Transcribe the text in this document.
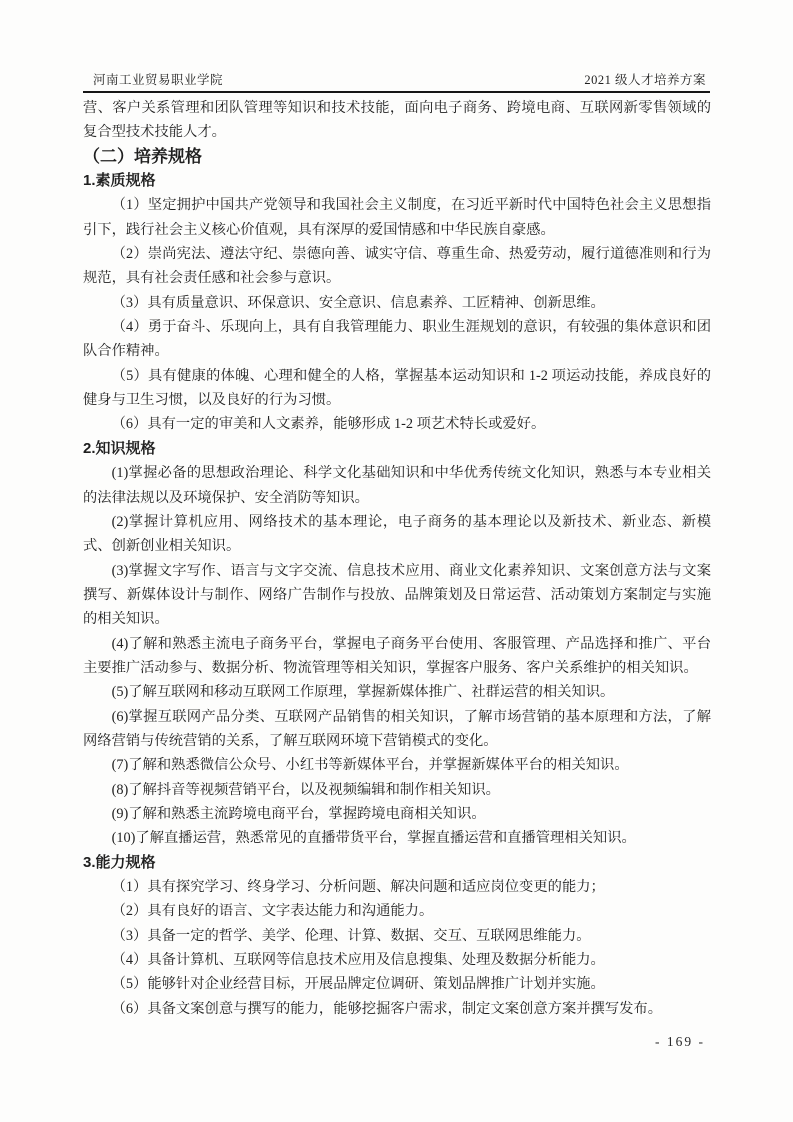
河南工业贸易职业学院	2021 级人才培养方案

营、客户关系管理和团队管理等知识和技术技能，面向电子商务、跨境电商、互联网新零售领域的复合型技术技能人才。

（二）培养规格

1.素质规格

（1）坚定拥护中国共产党领导和我国社会主义制度，在习近平新时代中国特色社会主义思想指引下，践行社会主义核心价值观，具有深厚的爱国情感和中华民族自豪感。

（2）崇尚宪法、遵法守纪、崇德向善、诚实守信、尊重生命、热爱劳动，履行道德准则和行为规范，具有社会责任感和社会参与意识。

（3）具有质量意识、环保意识、安全意识、信息素养、工匠精神、创新思维。

（4）勇于奋斗、乐现向上，具有自我管理能力、职业生涯规划的意识，有较强的集体意识和团队合作精神。

（5）具有健康的体魄、心理和健全的人格，掌握基本运动知识和 1-2 项运动技能，养成良好的健身与卫生习惯，以及良好的行为习惯。

（6）具有一定的审美和人文素养，能够形成 1-2 项艺术特长或爱好。

2.知识规格

(1)掌握必备的思想政治理论、科学文化基础知识和中华优秀传统文化知识，熟悉与本专业相关的法律法规以及环境保护、安全消防等知识。

(2)掌握计算机应用、网络技术的基本理论，电子商务的基本理论以及新技术、新业态、新模式、创新创业相关知识。

(3)掌握文字写作、语言与文字交流、信息技术应用、商业文化素养知识、文案创意方法与文案撰写、新媒体设计与制作、网络广告制作与投放、品牌策划及日常运营、活动策划方案制定与实施的相关知识。

(4)了解和熟悉主流电子商务平台，掌握电子商务平台使用、客服管理、产品选择和推广、平台主要推广活动参与、数据分析、物流管理等相关知识，掌握客户服务、客户关系维护的相关知识。

(5)了解互联网和移动互联网工作原理，掌握新媒体推广、社群运营的相关知识。

(6)掌握互联网产品分类、互联网产品销售的相关知识，了解市场营销的基本原理和方法，了解网络营销与传统营销的关系，了解互联网环境下营销模式的变化。

(7)了解和熟悉微信公众号、小红书等新媒体平台，并掌握新媒体平台的相关知识。

(8)了解抖音等视频营销平台，以及视频编辑和制作相关知识。

(9)了解和熟悉主流跨境电商平台，掌握跨境电商相关知识。

(10)了解直播运营，熟悉常见的直播带货平台，掌握直播运营和直播管理相关知识。

3.能力规格

（1）具有探究学习、终身学习、分析问题、解决问题和适应岗位变更的能力；

（2）具有良好的语言、文字表达能力和沟通能力。

（3）具备一定的哲学、美学、伦理、计算、数据、交互、互联网思维能力。

（4）具备计算机、互联网等信息技术应用及信息搜集、处理及数据分析能力。

（5）能够针对企业经营目标，开展品牌定位调研、策划品牌推广计划并实施。

（6）具备文案创意与撰写的能力，能够挖掘客户需求，制定文案创意方案并撰写发布。

- 169 -
